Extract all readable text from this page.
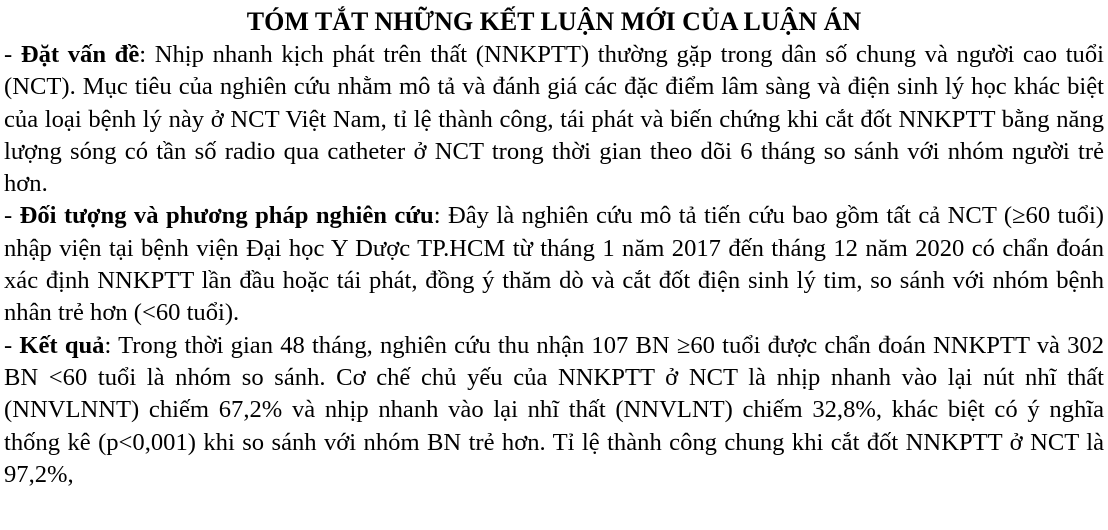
TÓM TẮT NHỮNG KẾT LUẬN MỚI CỦA LUẬN ÁN

- Đặt vấn đề: Nhịp nhanh kịch phát trên thất (NNKPTT) thường gặp trong dân số chung và người cao tuổi (NCT). Mục tiêu của nghiên cứu nhằm mô tả và đánh giá các đặc điểm lâm sàng và điện sinh lý học khác biệt của loại bệnh lý này ở NCT Việt Nam, tỉ lệ thành công, tái phát và biến chứng khi cắt đốt NNKPTT bằng năng lượng sóng có tần số radio qua catheter ở NCT trong thời gian theo dõi 6 tháng so sánh với nhóm người trẻ hơn.

- Đối tượng và phương pháp nghiên cứu: Đây là nghiên cứu mô tả tiến cứu bao gồm tất cả NCT (≥60 tuổi) nhập viện tại bệnh viện Đại học Y Dược TP.HCM từ tháng 1 năm 2017 đến tháng 12 năm 2020 có chẩn đoán xác định NNKPTT lần đầu hoặc tái phát, đồng ý thăm dò và cắt đốt điện sinh lý tim, so sánh với nhóm bệnh nhân trẻ hơn (<60 tuổi).

- Kết quả: Trong thời gian 48 tháng, nghiên cứu thu nhận 107 BN ≥60 tuổi được chẩn đoán NNKPTT và 302 BN <60 tuổi là nhóm so sánh. Cơ chế chủ yếu của NNKPTT ở NCT là nhịp nhanh vào lại nút nhĩ thất (NNVLNNT) chiếm 67,2% và nhịp nhanh vào lại nhĩ thất (NNVLNT) chiếm 32,8%, khác biệt có ý nghĩa thống kê (p<0,001) khi so sánh với nhóm BN trẻ hơn. Tỉ lệ thành công chung khi cắt đốt NNKPTT ở NCT là 97,2%,
